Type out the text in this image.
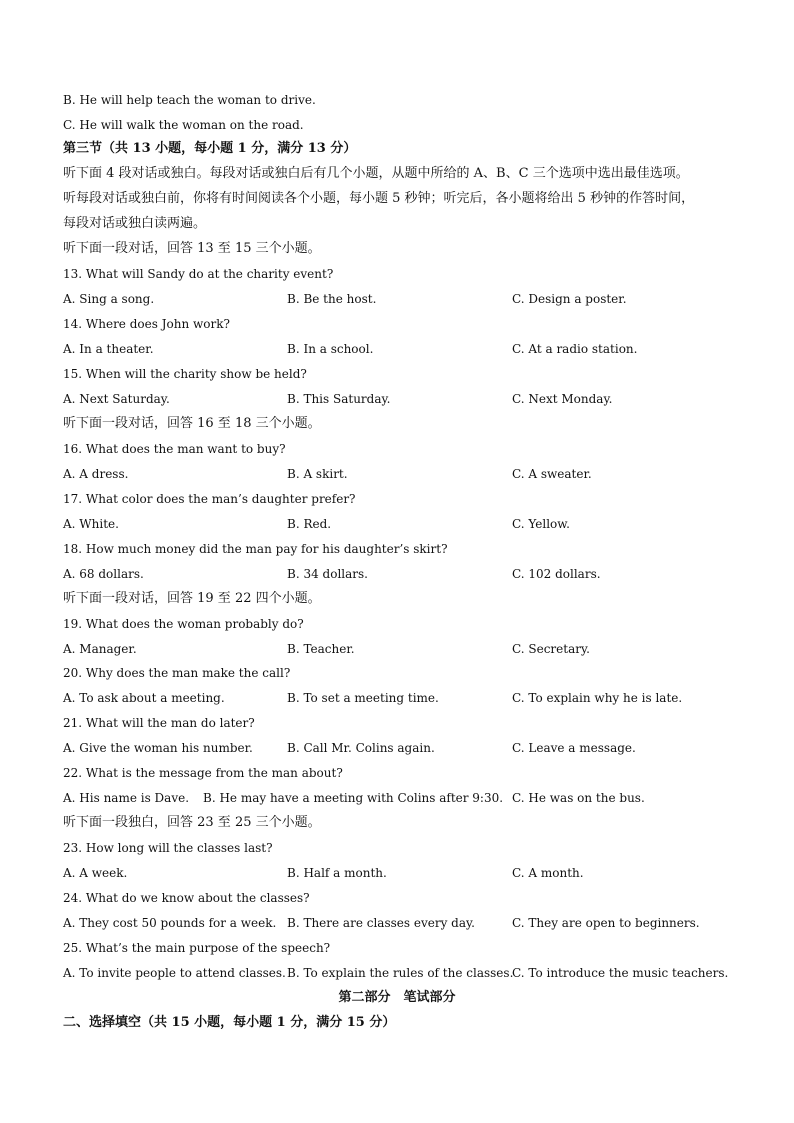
B. He will help teach the woman to drive.
C. He will walk the woman on the road.
第三节（共 13 小题，每小题 1 分，满分 13 分）
听下面 4 段对话或独白。每段对话或独白后有几个小题，从题中所给的 A、B、C 三个选项中选出最佳选项。
听每段对话或独白前，你将有时间阅读各个小题，每小题 5 秒钟；听完后，各小题将给出 5 秒钟的作答时间，
每段对话或独白读两遍。
听下面一段对话，回答 13 至 15 三个小题。
13. What will Sandy do at the charity event?
A. Sing a song.	B. Be the host.	C. Design a poster.
14. Where does John work?
A. In a theater.	B. In a school.	C. At a radio station.
15. When will the charity show be held?
A. Next Saturday.	B. This Saturday.	C. Next Monday.
听下面一段对话，回答 16 至 18 三个小题。
16. What does the man want to buy?
A. A dress.	B. A skirt.	C. A sweater.
17. What color does the man’s daughter prefer?
A. White.	B. Red.	C. Yellow.
18. How much money did the man pay for his daughter’s skirt?
A. 68 dollars.	B. 34 dollars.	C. 102 dollars.
听下面一段对话，回答 19 至 22 四个小题。
19. What does the woman probably do?
A. Manager.	B. Teacher.	C. Secretary.
20. Why does the man make the call?
A. To ask about a meeting.	B. To set a meeting time.	C. To explain why he is late.
21. What will the man do later?
A. Give the woman his number.	B. Call Mr. Colins again.	C. Leave a message.
22. What is the message from the man about?
A. His name is Dave. B. He may have a meeting with Colins after 9:30. C. He was on the bus.
听下面一段独白，回答 23 至 25 三个小题。
23. How long will the classes last?
A. A week.	B. Half a month.	C. A month.
24. What do we know about the classes?
A. They cost 50 pounds for a week. B. There are classes every day.	C. They are open to beginners.
25. What’s the main purpose of the speech?
A. To invite people to attend classes. B. To explain the rules of the classes.
C. To introduce the music teachers.
第二部分　笔试部分
二、选择填空（共 15 小题，每小题 1 分，满分 15 分）
